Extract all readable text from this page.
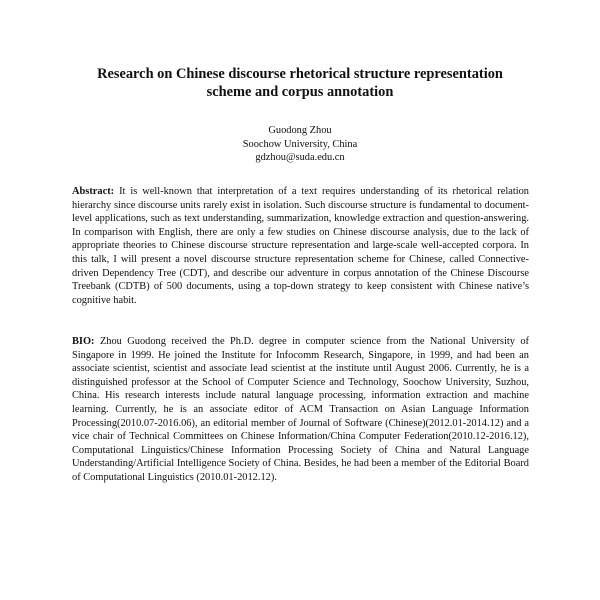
Research on Chinese discourse rhetorical structure representation
scheme and corpus annotation
Guodong Zhou
Soochow University, China
gdzhou@suda.edu.cn

Abstract: It is well-known that interpretation of a text requires understanding of its rhetorical relation hierarchy since discourse units rarely exist in isolation. Such discourse structure is fundamental to document-level applications, such as text understanding, summarization, knowledge extraction and question-answering. In comparison with English, there are only a few studies on Chinese discourse analysis, due to the lack of appropriate theories to Chinese discourse structure representation and large-scale well-accepted corpora. In this talk, I will present a novel discourse structure representation scheme for Chinese, called Connective-driven Dependency Tree (CDT), and describe our adventure in corpus annotation of the Chinese Discourse Treebank (CDTB) of 500 documents, using a top-down strategy to keep consistent with Chinese native’s cognitive habit.

BIO: Zhou Guodong received the Ph.D. degree in computer science from the National University of Singapore in 1999. He joined the Institute for Infocomm Research, Singapore, in 1999, and had been an associate scientist, scientist and associate lead scientist at the institute until August 2006. Currently, he is a distinguished professor at the School of Computer Science and Technology, Soochow University, Suzhou, China. His research interests include natural language processing, information extraction and machine learning. Currently, he is an associate editor of ACM Transaction on Asian Language Information Processing(2010.07-2016.06), an editorial member of Journal of Software (Chinese)(2012.01-2014.12) and a vice chair of Technical Committees on Chinese Information/China Computer Federation(2010.12-2016.12), Computational Linguistics/Chinese Information Processing Society of China and Natural Language Understanding/Artificial Intelligence Society of China. Besides, he had been a member of the Editorial Board of Computational Linguistics (2010.01-2012.12).
